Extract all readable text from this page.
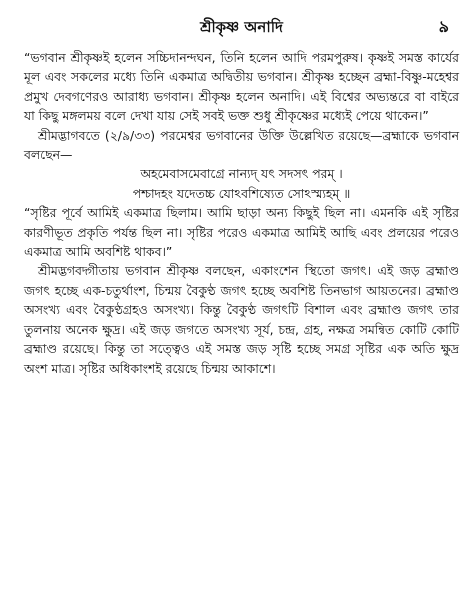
শ্রীকৃষ্ণ অনাদি	৯

“ভগবান শ্রীকৃষ্ণই হলেন সচ্চিদানন্দঘন, তিনি হলেন আদি পরমপুরুষ। কৃষ্ণই সমস্ত কার্যের মূল এবং সকলের মধ্যে তিনি একমাত্র অদ্বিতীয় ভগবান। শ্রীকৃষ্ণ হচ্ছেন ব্রহ্মা-বিষ্ণু-মহেশ্বর প্রমুখ দেবগণেরও আরাধ্য ভগবান। শ্রীকৃষ্ণ হলেন অনাদি। এই বিশ্বের অভ্যন্তরে বা বাইরে যা কিছু মঙ্গলময় বলে দেখা যায় সেই সবই ভক্ত শুধু শ্রীকৃষ্ণের মধ্যেই পেয়ে থাকেন।”

শ্রীমদ্ভাগবতে (২/৯/৩৩) পরমেশ্বর ভগবানের উক্তি উল্লেখিত রয়েছে—ব্রহ্মাকে ভগবান বলছেন—

অহমেবাসমেবাগ্রে নান্যদ্ যৎ সদসৎ পরম্ ।
পশ্চাদহং যদেতচ্চ যোঽবশিষ্যেত সোঽস্ম্যহম্ ॥

“সৃষ্টির পূর্বে আমিই একমাত্র ছিলাম। আমি ছাড়া অন্য কিছুই ছিল না। এমনকি এই সৃষ্টির কারণীভূত প্রকৃতি পর্যন্ত ছিল না। সৃষ্টির পরেও একমাত্র আমিই আছি এবং প্রলয়ের পরেও একমাত্র আমি অবশিষ্ট থাকব।”

শ্রীমদ্ভগবদ্গীতায় ভগবান শ্রীকৃষ্ণ বলছেন, একাংশেন স্থিতো জগৎ। এই জড় ব্রহ্মাণ্ড জগৎ হচ্ছে এক-চতুর্থাংশ, চিন্ময় বৈকুণ্ঠ জগৎ হচ্ছে অবশিষ্ট তিনভাগ আয়তনের। ব্রহ্মাণ্ড অসংখ্য এবং বৈকুণ্ঠগ্রহও অসংখ্য। কিন্তু বৈকুণ্ঠ জগৎটি বিশাল এবং ব্রহ্মাণ্ড জগৎ তার তুলনায় অনেক ক্ষুদ্র। এই জড় জগতে অসংখ্য সূর্য, চন্দ্র, গ্রহ, নক্ষত্র সমন্বিত কোটি কোটি ব্রহ্মাণ্ড রয়েছে। কিন্তু তা সত্ত্বেও এই সমস্ত জড় সৃষ্টি হচ্ছে সমগ্র সৃষ্টির এক অতি ক্ষুদ্র অংশ মাত্র। সৃষ্টির অধিকাংশই রয়েছে চিন্ময় আকাশে।
